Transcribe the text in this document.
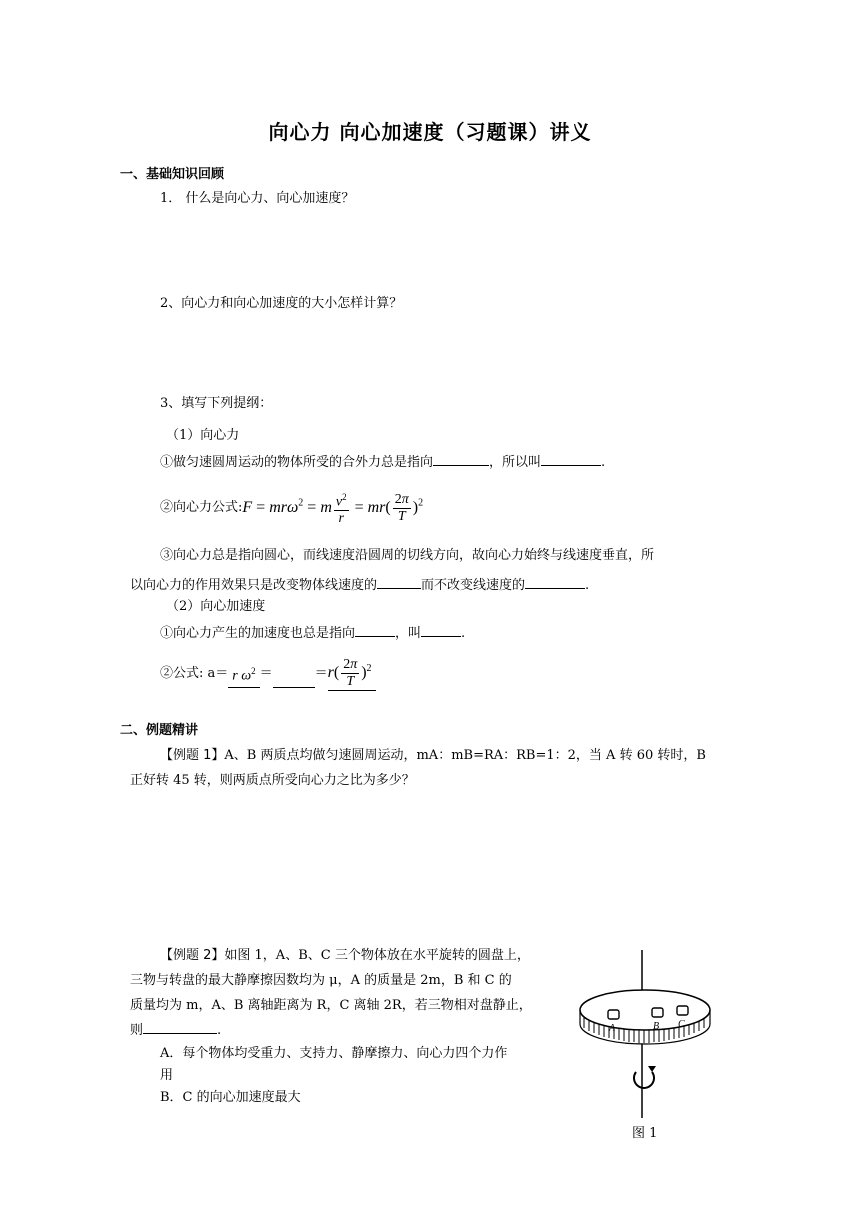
向心力 向心加速度（习题课）讲义
一、基础知识回顾
1． 什么是向心力、向心加速度？
2、向心力和向心加速度的大小怎样计算？
3、填写下列提纲：
（1）向心力
①做匀速圆周运动的物体所受的合外力总是指向	，所以叫	.
②向心力公式: F = mrω$^2$ = m $\frac{v^2}{r} = mr( \frac{2\pi}{T} )^2$
③向心力总是指向圆心，而线速度沿圆周的切线方向，故向心力始终与线速度垂直，所
以向心力的作用效果只是改变物体线速度的	而不改变线速度的	.
（2）向心加速度
①向心力产生的加速度也总是指向	，叫	.
②公式: a＝ r $\omega^2$ ＝	＝ $r( \frac{2\pi}{T} )^2$
二、例题精讲
【例题 1】A、B 两质点均做匀速圆周运动，mA：mB=RA：RB=1：2，当 A 转 60 转时，B
正好转 45 转，则两质点所受向心力之比为多少？
【例题 2】如图 1，A、B、C 三个物体放在水平旋转的圆盘上，
三物与转盘的最大静摩擦因数均为 μ，A 的质量是 2m，B 和 C 的
质量均为 m，A、B 离轴距离为 R，C 离轴 2R，若三物相对盘静止，
则	.
A．每个物体均受重力、支持力、静摩擦力、向心力四个力作
用
B．C 的向心加速度最大
A	B C
图 1
